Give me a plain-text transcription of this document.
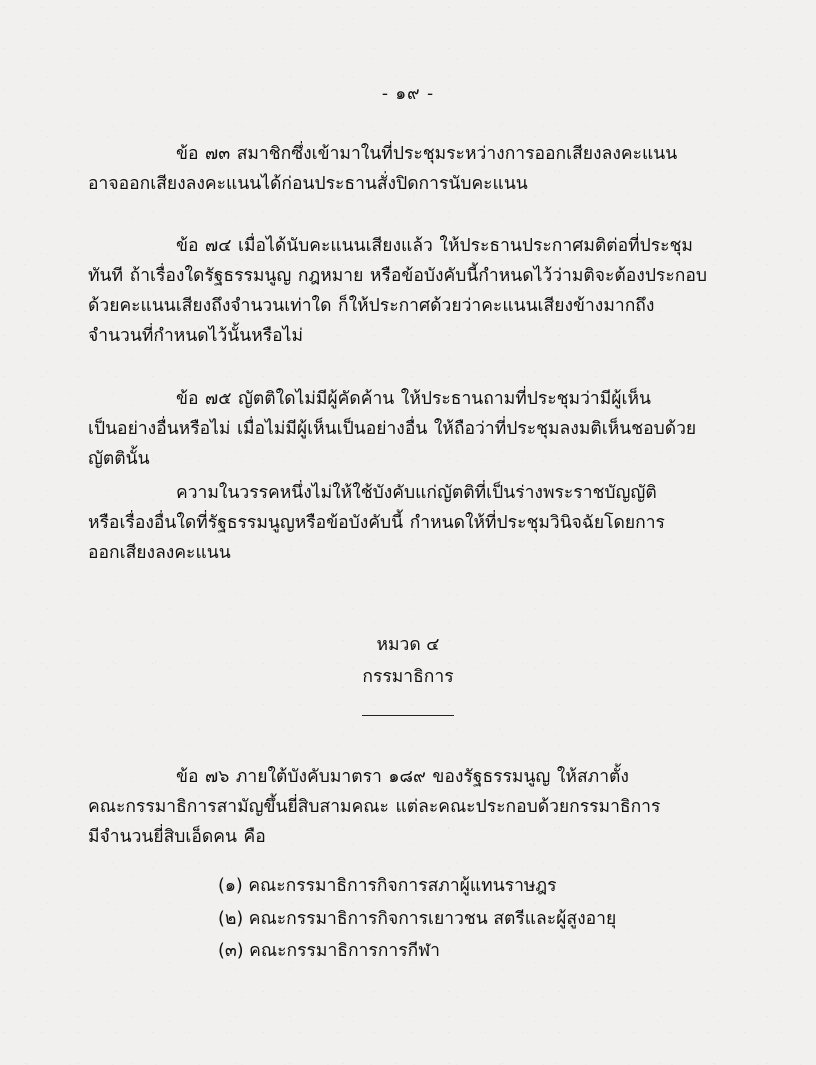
- ๑๙ -

ข้อ ๗๓ สมาชิกซึ่งเข้ามาในที่ประชุมระหว่างการออกเสียงลงคะแนน

อาจออกเสียงลงคะแนนได้ก่อนประธานสั่งปิดการนับคะแนน

ข้อ ๗๔ เมื่อได้นับคะแนนเสียงแล้ว ให้ประธานประกาศมติต่อที่ประชุม

ทันที ถ้าเรื่องใดรัฐธรรมนูญ กฎหมาย หรือข้อบังคับนี้กำหนดไว้ว่ามติจะต้องประกอบ

ด้วยคะแนนเสียงถึงจำนวนเท่าใด ก็ให้ประกาศด้วยว่าคะแนนเสียงข้างมากถึง

จำนวนที่กำหนดไว้นั้นหรือไม่

ข้อ ๗๕ ญัตติใดไม่มีผู้คัดค้าน ให้ประธานถามที่ประชุมว่ามีผู้เห็น

เป็นอย่างอื่นหรือไม่ เมื่อไม่มีผู้เห็นเป็นอย่างอื่น ให้ถือว่าที่ประชุมลงมติเห็นชอบด้วย

ญัตตินั้น

ความในวรรคหนึ่งไม่ให้ใช้บังคับแก่ญัตติที่เป็นร่างพระราชบัญญัติ

หรือเรื่องอื่นใดที่รัฐธรรมนูญหรือข้อบังคับนี้ กำหนดให้ที่ประชุมวินิจฉัยโดยการ

ออกเสียงลงคะแนน

หมวด ๔
กรรมาธิการ

ข้อ ๗๖ ภายใต้บังคับมาตรา ๑๘๙ ของรัฐธรรมนูญ ให้สภาตั้ง

คณะกรรมาธิการสามัญขึ้นยี่สิบสามคณะ แต่ละคณะประกอบด้วยกรรมาธิการ

มีจำนวนยี่สิบเอ็ดคน คือ

(๑) คณะกรรมาธิการกิจการสภาผู้แทนราษฎร
(๒) คณะกรรมาธิการกิจการเยาวชน สตรีและผู้สูงอายุ
(๓) คณะกรรมาธิการการกีฬา
